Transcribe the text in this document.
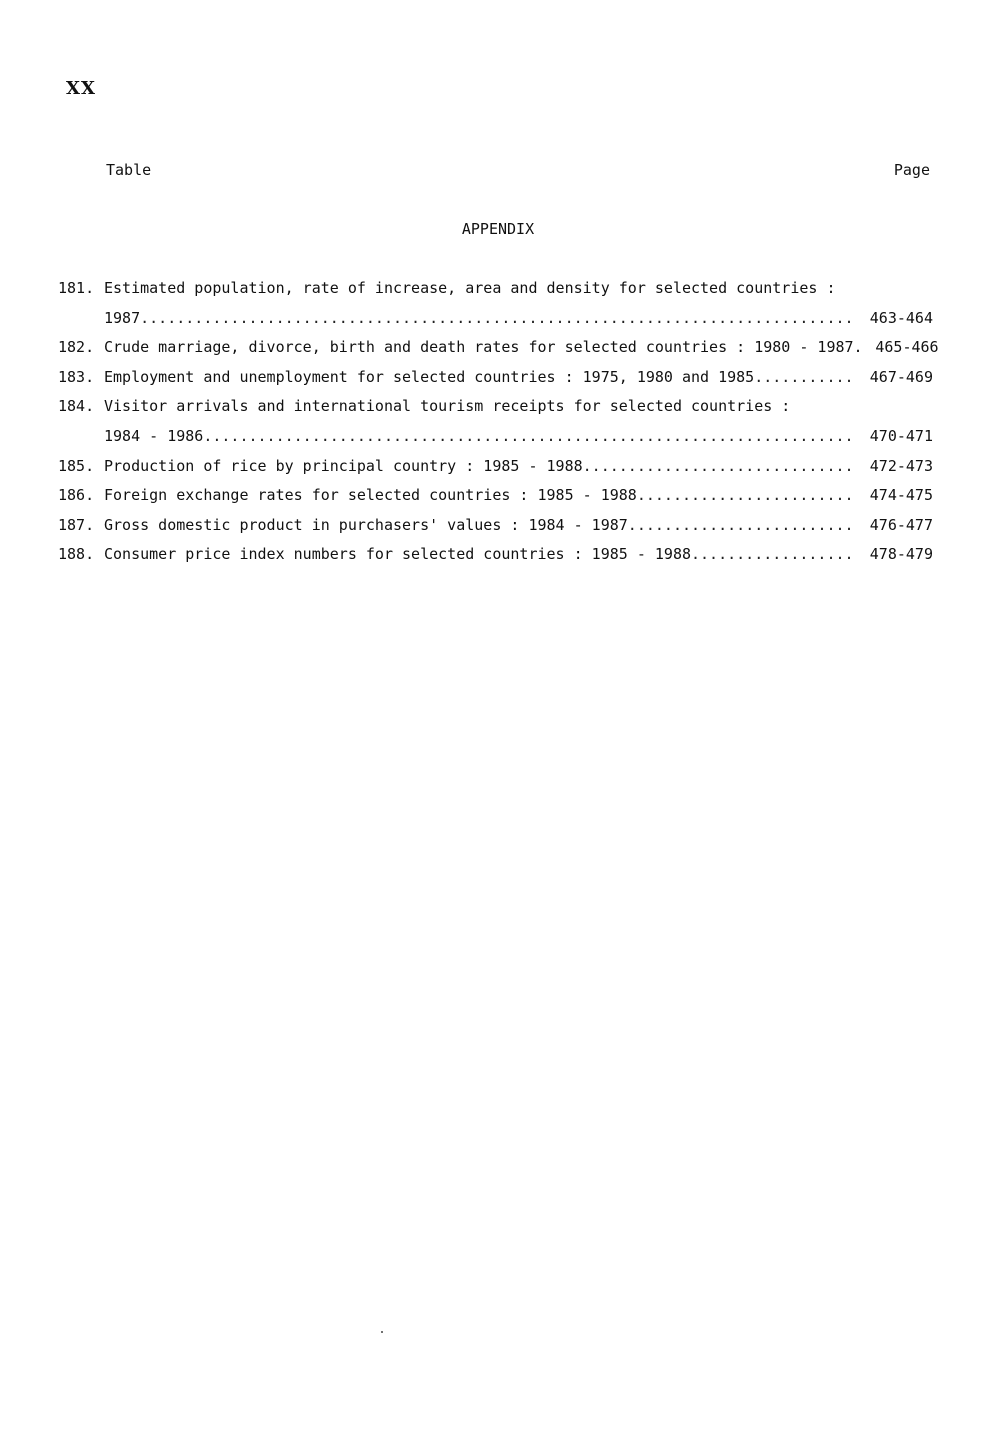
XX
Table	Page
APPENDIX
181. Estimated population, rate of increase, area and density for selected countries :
1987 .....	463-464
182. Crude marriage, divorce, birth and death rates for selected countries : 1980 - 1987. 465-466
183. Employment and unemployment for selected countries : 1975, 1980 and 1985 .....	467-469
184. Visitor arrivals and international tourism receipts for selected countries :
1984 - 1986 .....	470-471
185. Production of rice by principal country : 1985 - 1988 .....	472-473
186. Foreign exchange rates for selected countries : 1985 - 1988 .....	474-475
187. Gross domestic product in purchasers' values : 1984 - 1987 .....	476-477
188. Consumer price index numbers for selected countries : 1985 - 1988 .....	478-479
